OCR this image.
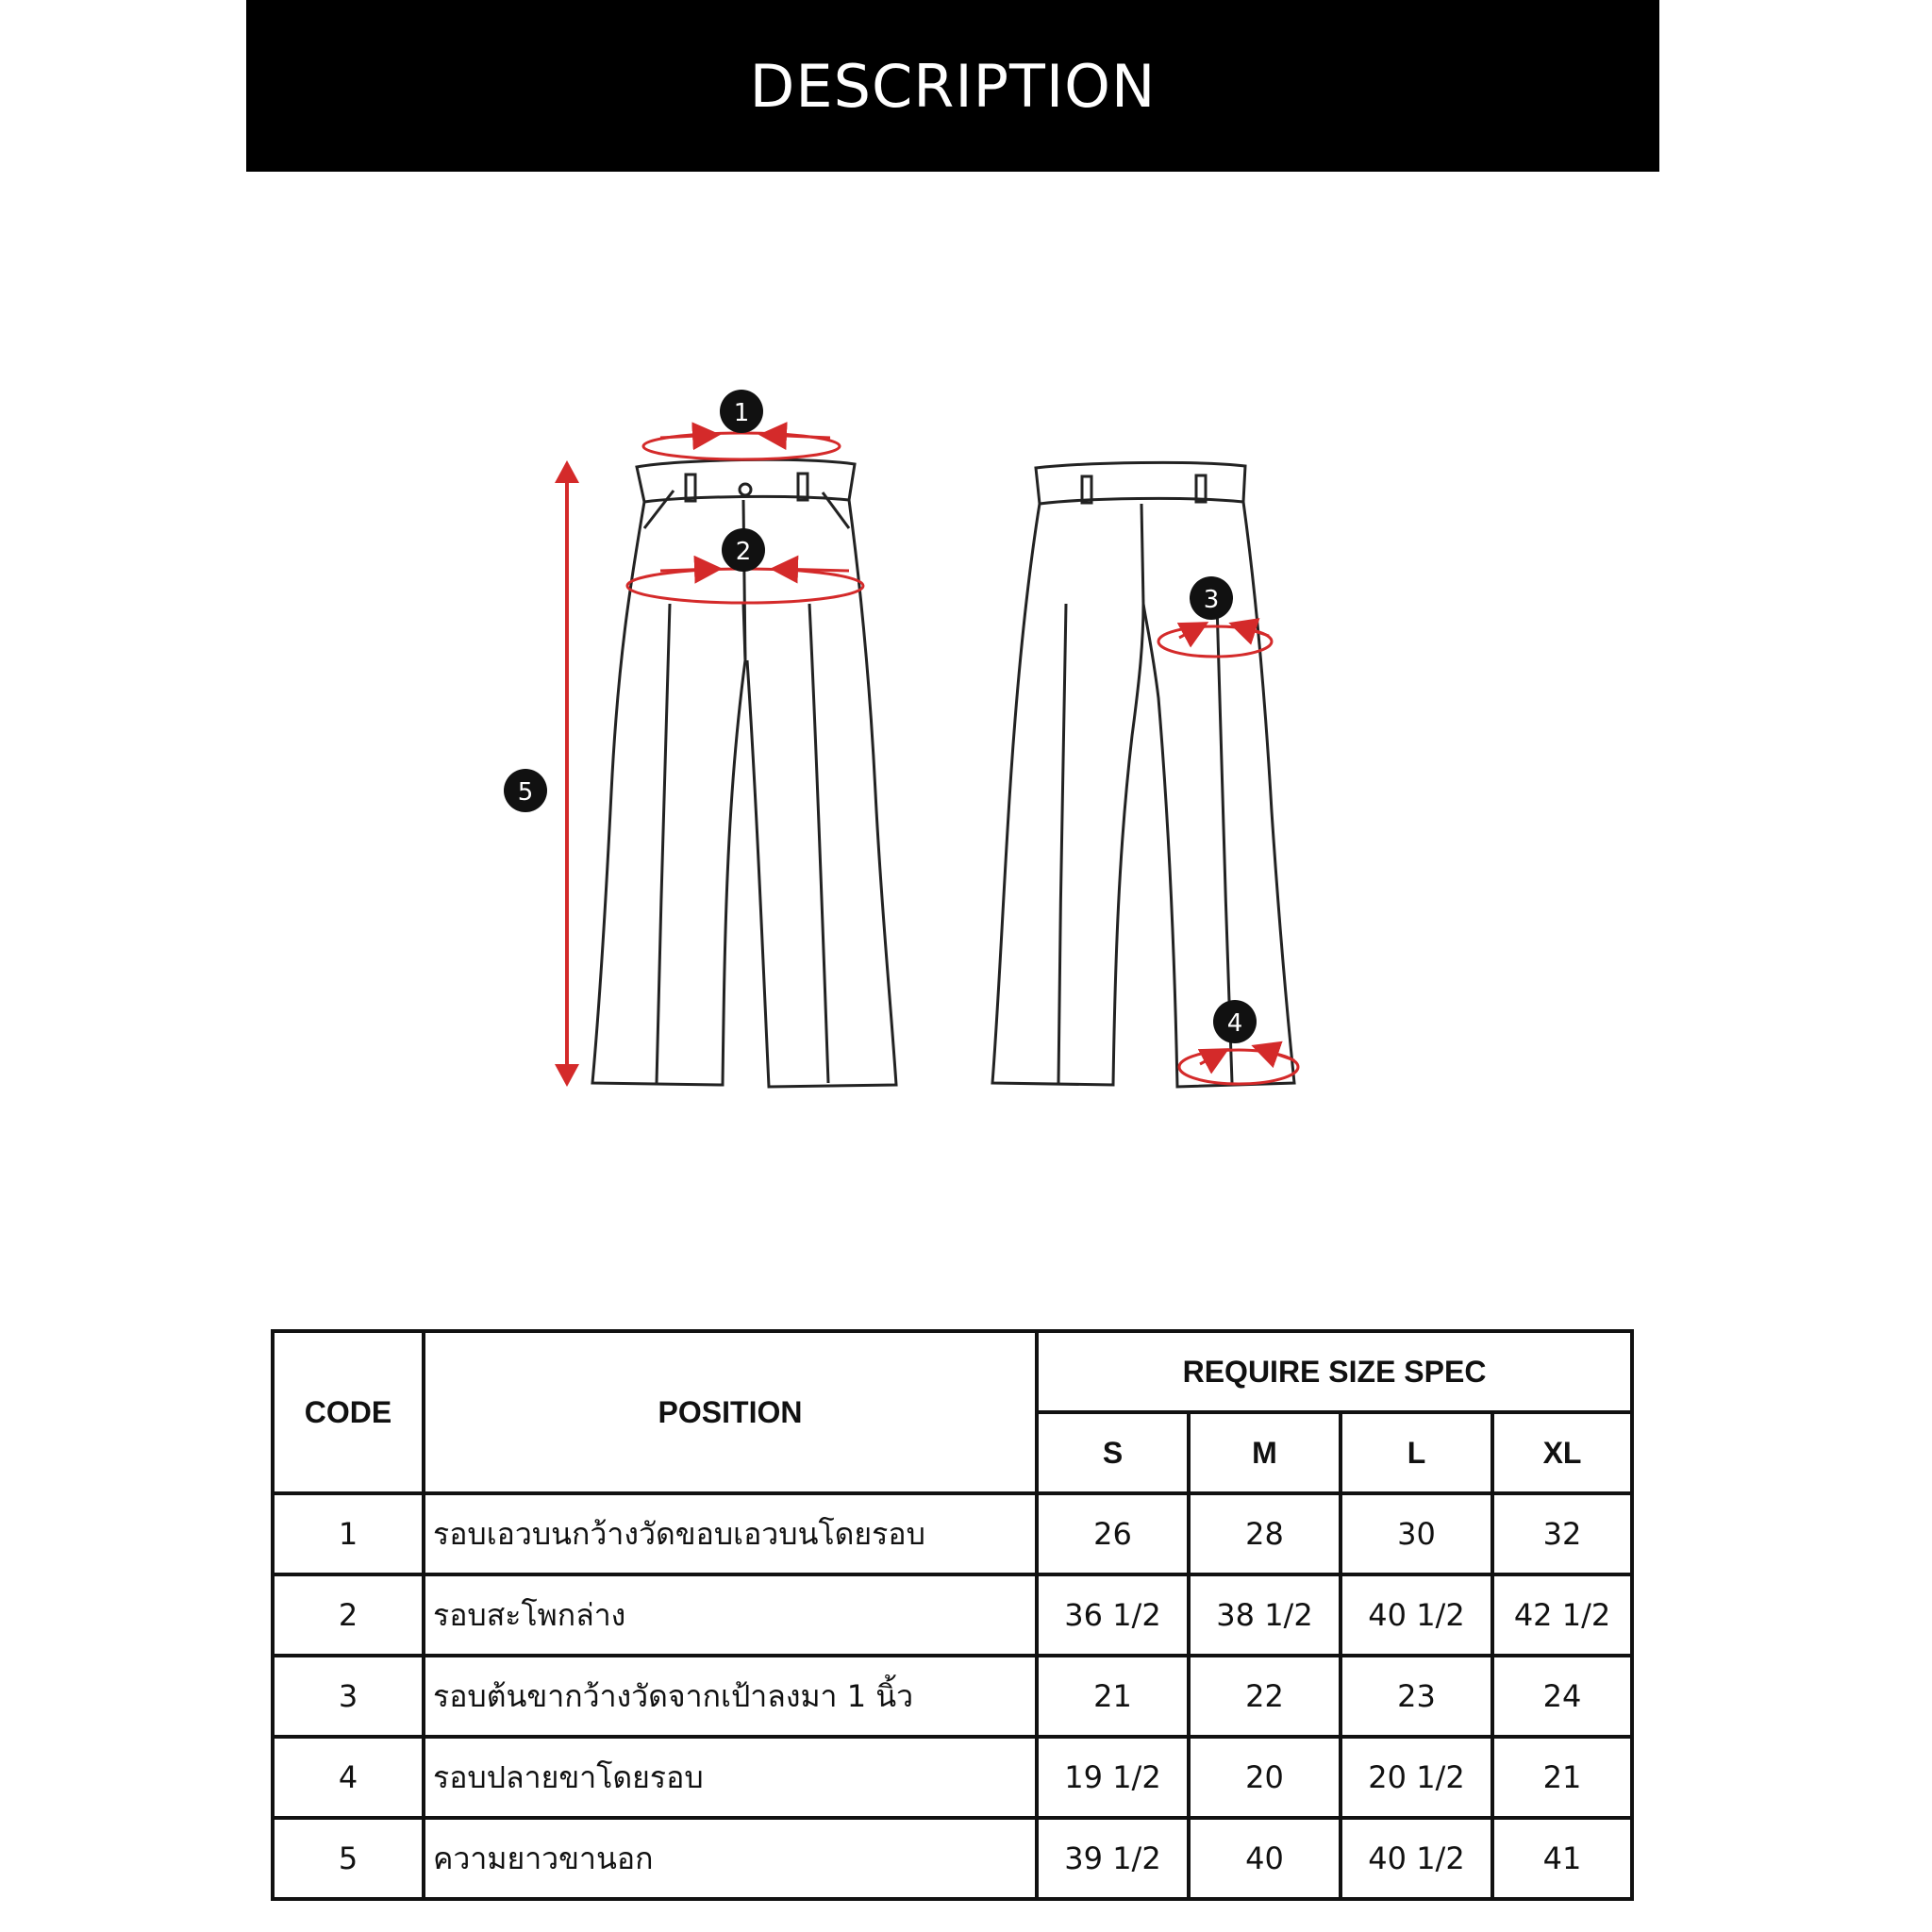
DESCRIPTION
1
2
3
4
5
CODE	POSITION	REQUIRE SIZE SPEC			
		S	M	L	XL
1	รอบเอวบนกว้างวัดขอบเอวบนโดยรอบ	26	28	30	32
2	รอบสะโพกล่าง	36 1/2	38 1/2	40 1/2	42 1/2
3	รอบต้นขากว้างวัดจากเป้าลงมา 1 นิ้ว	21	22	23	24
4	รอบปลายขาโดยรอบ	19 1/2	20	20 1/2	21
5	ความยาวขานอก	39 1/2	40	40 1/2	41
